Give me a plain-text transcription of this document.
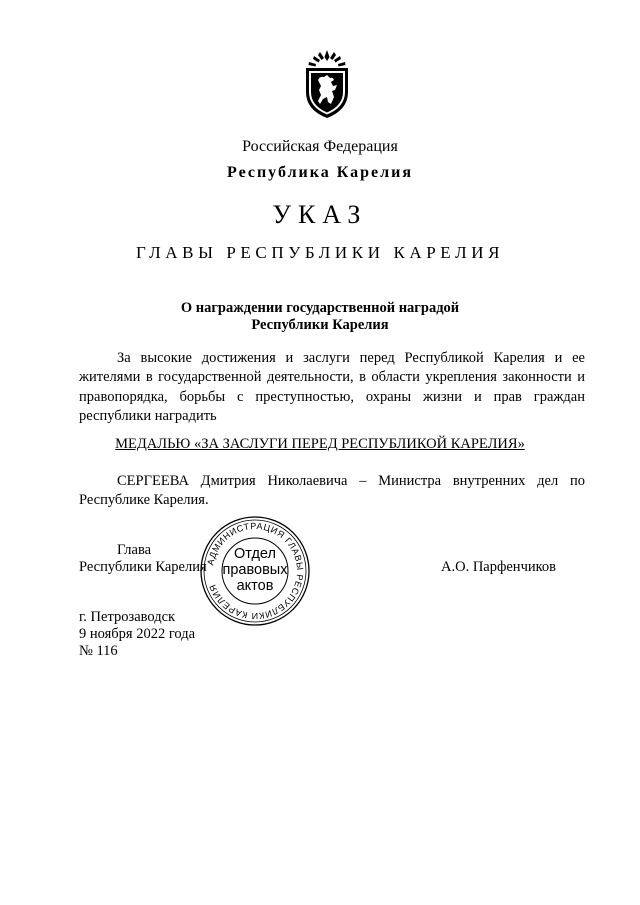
Российская Федерация
Республика Карелия
УКАЗ
ГЛАВЫ РЕСПУБЛИКИ КАРЕЛИЯ
О награждении государственной наградой
Республики Карелия
За высокие достижения и заслуги перед Республикой Карелия и ее жителями в государственной деятельности, в области укрепления законности и правопорядка, борьбы с преступностью, охраны жизни и прав граждан республики наградить
МЕДАЛЬЮ «ЗА ЗАСЛУГИ ПЕРЕД РЕСПУБЛИКОЙ КАРЕЛИЯ»
СЕРГЕЕВА Дмитрия Николаевича – Министра внутренних дел по Республике Карелия.
АДМИНИСТРАЦИЯ ГЛАВЫ РЕСПУБЛИКИ КАРЕЛИЯ
Отдел
правовых
актов
Глава
Республики Карелия	А.О. Парфенчиков
г. Петрозаводск
9 ноября 2022 года
№ 116
